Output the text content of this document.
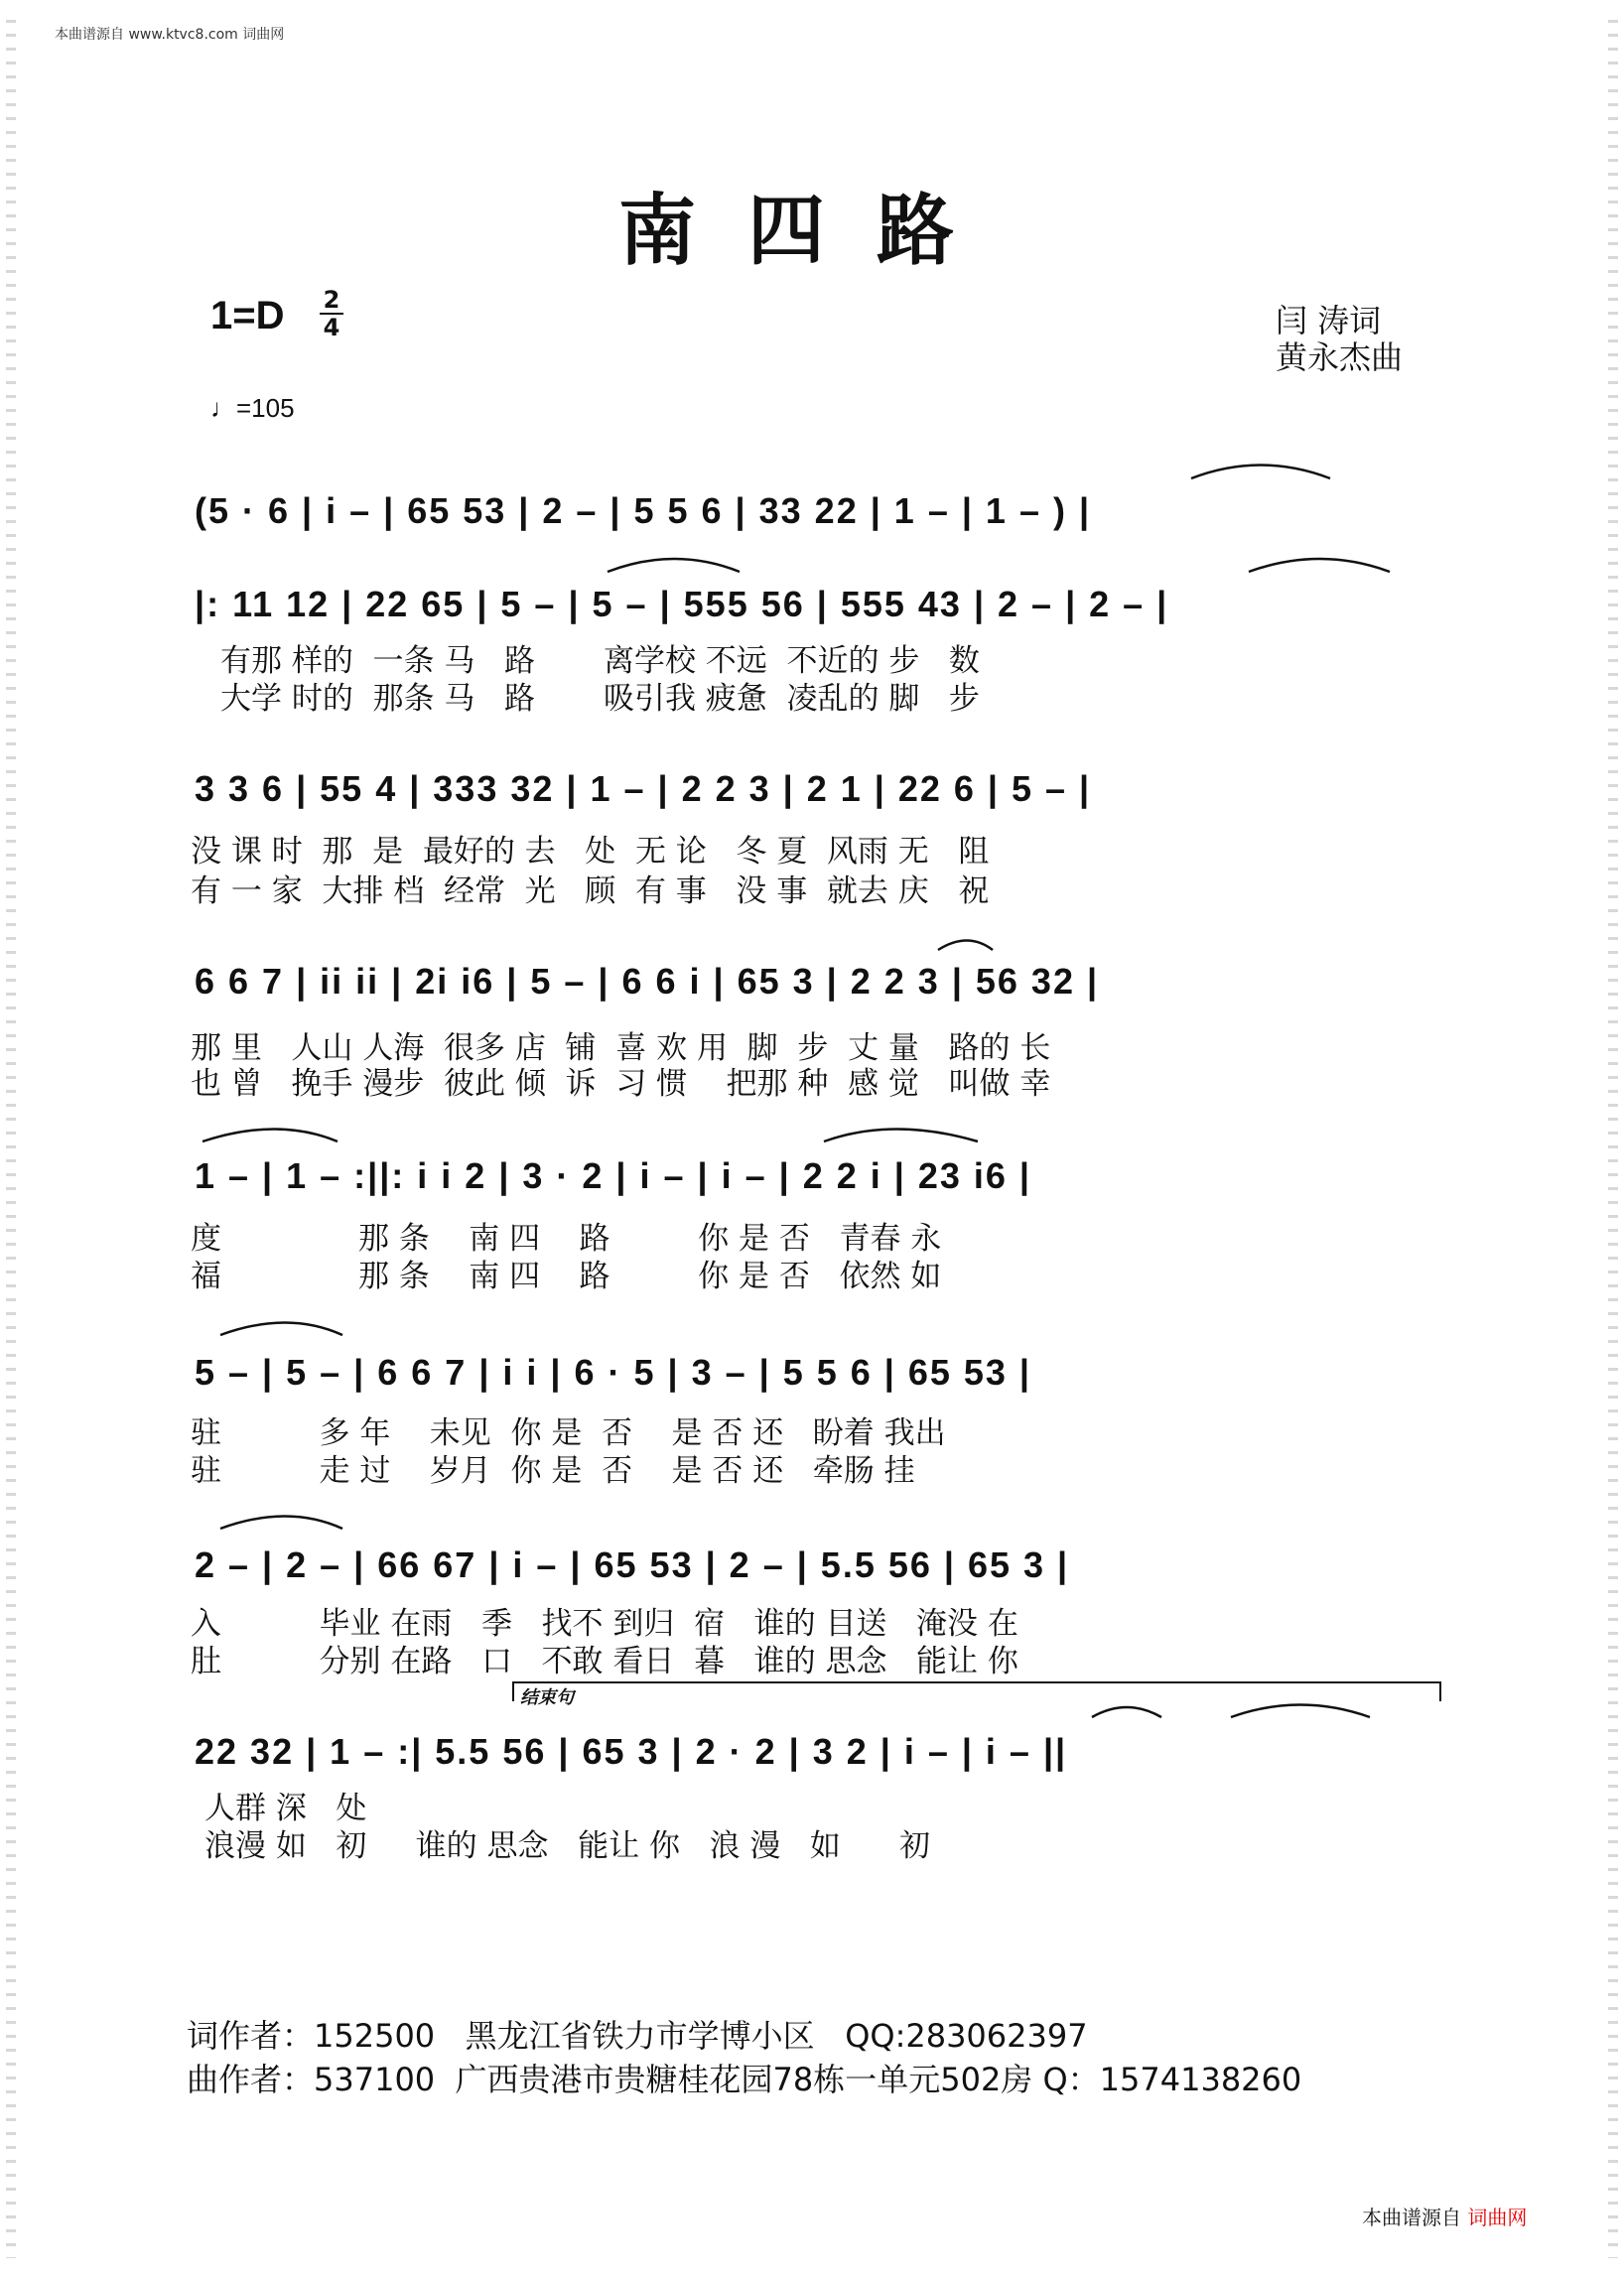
本曲谱源自 www.ktvc8.com 词曲网
南四路
1=D 2
4
♩=105
闫 涛词
黄永杰曲
(5 · 6 | i – | 65 53 | 2 – | 5 5 6 | 33 22 | 1 – | 1 – ) |
|: 11 12 | 22 65 | 5 – | 5 – | 555 56 | 555 43 | 2 – | 2 – |
有那 样的  一条 马   路       离学校 不远  不近的 步   数
大学 时的  那条 马   路       吸引我 疲惫  凌乱的 脚   步
3 3 6 | 55 4 | 333 32 | 1 – | 2 2 3 | 2 1 | 22 6 | 5 – |
没 课 时  那  是  最好的 去   处  无 论   冬 夏  风雨 无   阻
有 一 家  大排 档  经常  光   顾  有 事   没 事  就去 庆   祝
6 6 7 | ii ii | 2i i6 | 5 – | 6 6 i | 65 3 | 2 2 3 | 56 32 |
那 里   人山 人海  很多 店  铺  喜 欢 用  脚  步  丈 量   路的 长
也 曾   挽手 漫步  彼此 倾  诉  习 惯    把那 种  感 觉   叫做 幸
1 – | 1 – :||: i i 2 | 3 · 2 | i – | i – | 2 2 i | 23 i6 |
度              那 条    南 四    路         你 是 否   青春 永
福              那 条    南 四    路         你 是 否   依然 如
5 – | 5 – | 6 6 7 | i i | 6 · 5 | 3 – | 5 5 6 | 65 53 |
驻          多 年    未见  你 是  否    是 否 还   盼着 我出
驻          走 过    岁月  你 是  否    是 否 还   牵肠 挂
2 – | 2 – | 66 67 | i – | 65 53 | 2 – | 5.5 56 | 65 3 |
入          毕业 在雨   季   找不 到归  宿   谁的 目送   淹没 在
肚          分别 在路   口   不敢 看日  暮   谁的 思念   能让 你
结束句
22 32 | 1 – :| 5.5 56 | 65 3 | 2 · 2 | 3 2 | i – | i – ||
人群 深   处
浪漫 如   初     谁的 思念   能让 你   浪 漫   如      初
词作者：152500   黑龙江省铁力市学博小区   QQ:283062397
曲作者：537100  广西贵港市贵糖桂花园78栋一单元502房 Q：1574138260
本曲谱源自 词曲网
